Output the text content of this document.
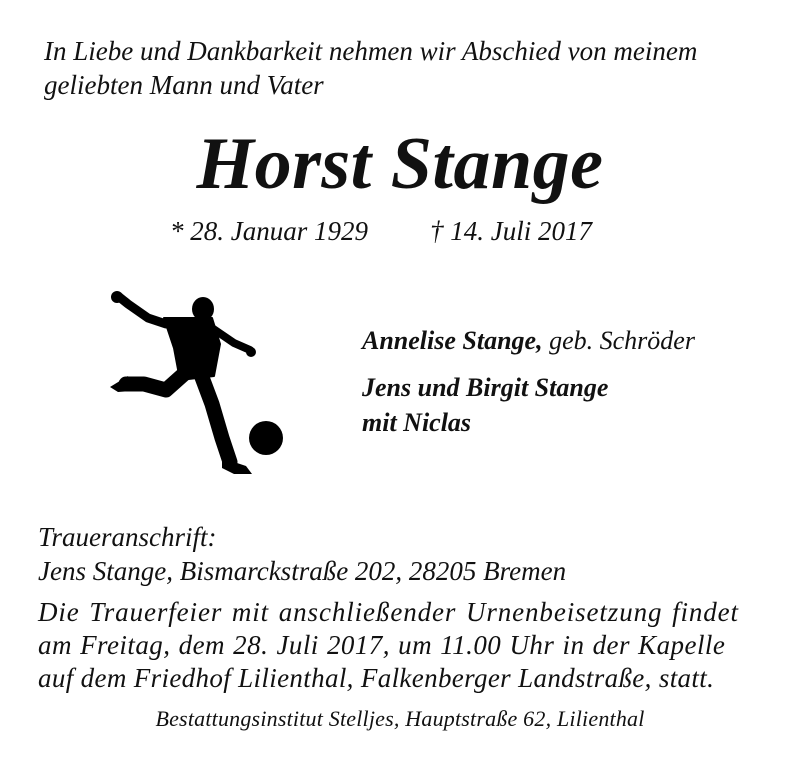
In Liebe und Dankbarkeit nehmen wir Abschied von meinem
geliebten Mann und Vater
Horst Stange
* 28. Januar 1929 † 14. Juli 2017
Annelise Stange, geb. Schröder
Jens und Birgit Stange
mit Niclas
Traueranschrift:
Jens Stange, Bismarckstraße 202, 28205 Bremen
Die Trauerfeier mit anschließender Urnenbeisetzung findet
am Freitag, dem 28. Juli 2017, um 11.00 Uhr in der Kapelle
auf dem Friedhof Lilienthal, Falkenberger Landstraße, statt.
Bestattungsinstitut Stelljes, Hauptstraße 62, Lilienthal
